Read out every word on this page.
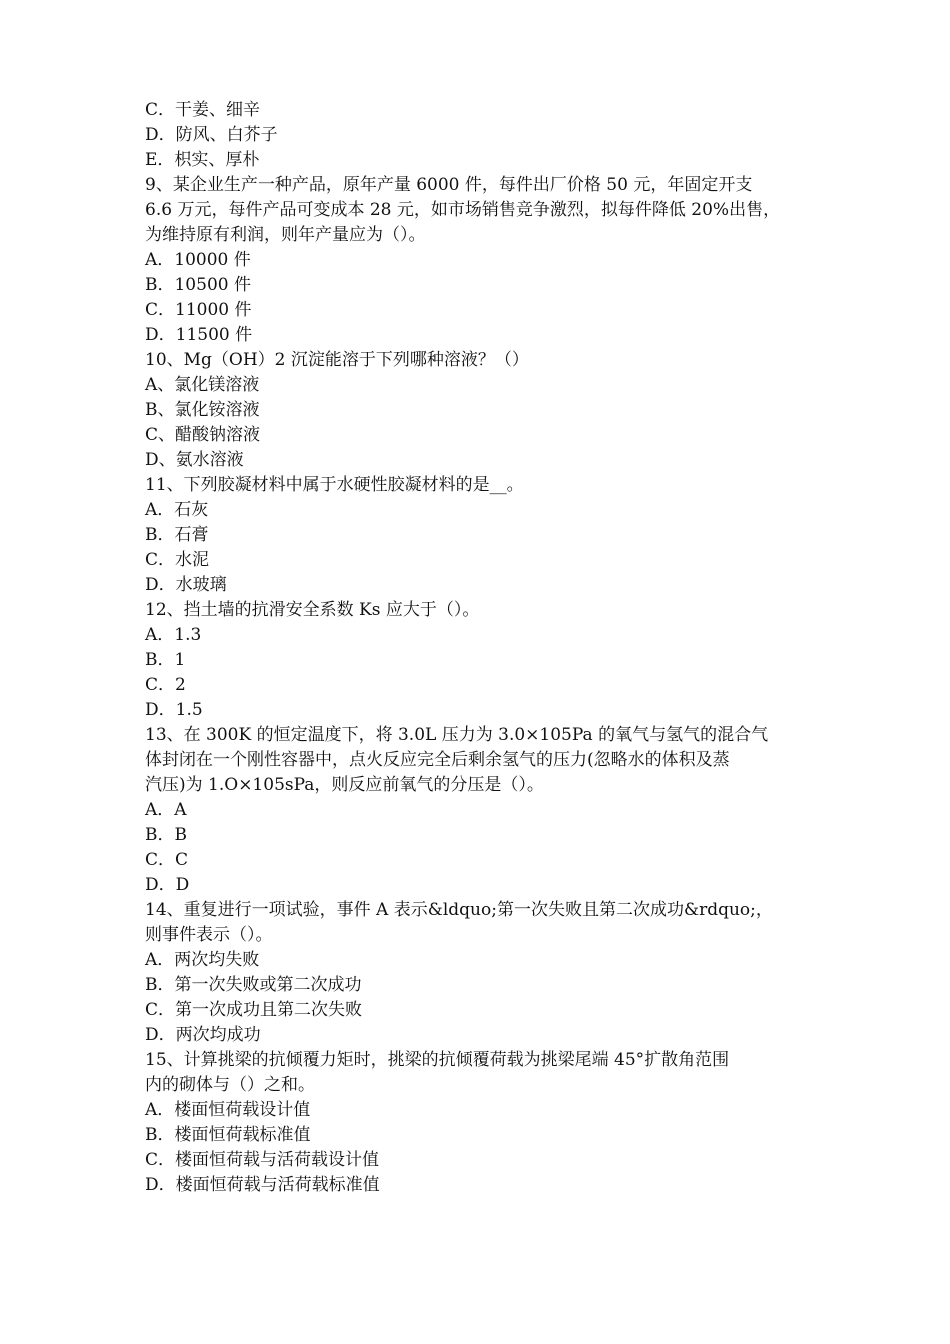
C．干姜、细辛
D．防风、白芥子
E．枳实、厚朴
9、某企业生产一种产品，原年产量 6000 件，每件出厂价格 50 元，年固定开支
6.6 万元，每件产品可变成本 28 元，如市场销售竞争激烈，拟每件降低 20%出售，
为维持原有利润，则年产量应为（）。
A．10000 件
B．10500 件
C．11000 件
D．11500 件
10、Mg（OH）2 沉淀能溶于下列哪种溶液？（）
A、氯化镁溶液
B、氯化铵溶液
C、醋酸钠溶液
D、氨水溶液
11、下列胶凝材料中属于水硬性胶凝材料的是__。
A．石灰
B．石膏
C．水泥
D．水玻璃
12、挡土墙的抗滑安全系数 Ks 应大于（）。
A．1.3
B．1
C．2
D．1.5
13、在 300K 的恒定温度下，将 3.0L 压力为 3.0×105Pa 的氧气与氢气的混合气
体封闭在一个刚性容器中，点火反应完全后剩余氢气的压力(忽略水的体积及蒸
汽压)为 1.O×105sPa，则反应前氧气的分压是（）。
A．A
B．B
C．C
D．D
14、重复进行一项试验，事件 A 表示&ldquo;第一次失败且第二次成功&rdquo;，
则事件表示（）。
A．两次均失败
B．第一次失败或第二次成功
C．第一次成功且第二次失败
D．两次均成功
15、计算挑梁的抗倾覆力矩时，挑梁的抗倾覆荷载为挑梁尾端 45°扩散角范围
内的砌体与（）之和。
A．楼面恒荷载设计值
B．楼面恒荷载标准值
C．楼面恒荷载与活荷载设计值
D．楼面恒荷载与活荷载标准值
